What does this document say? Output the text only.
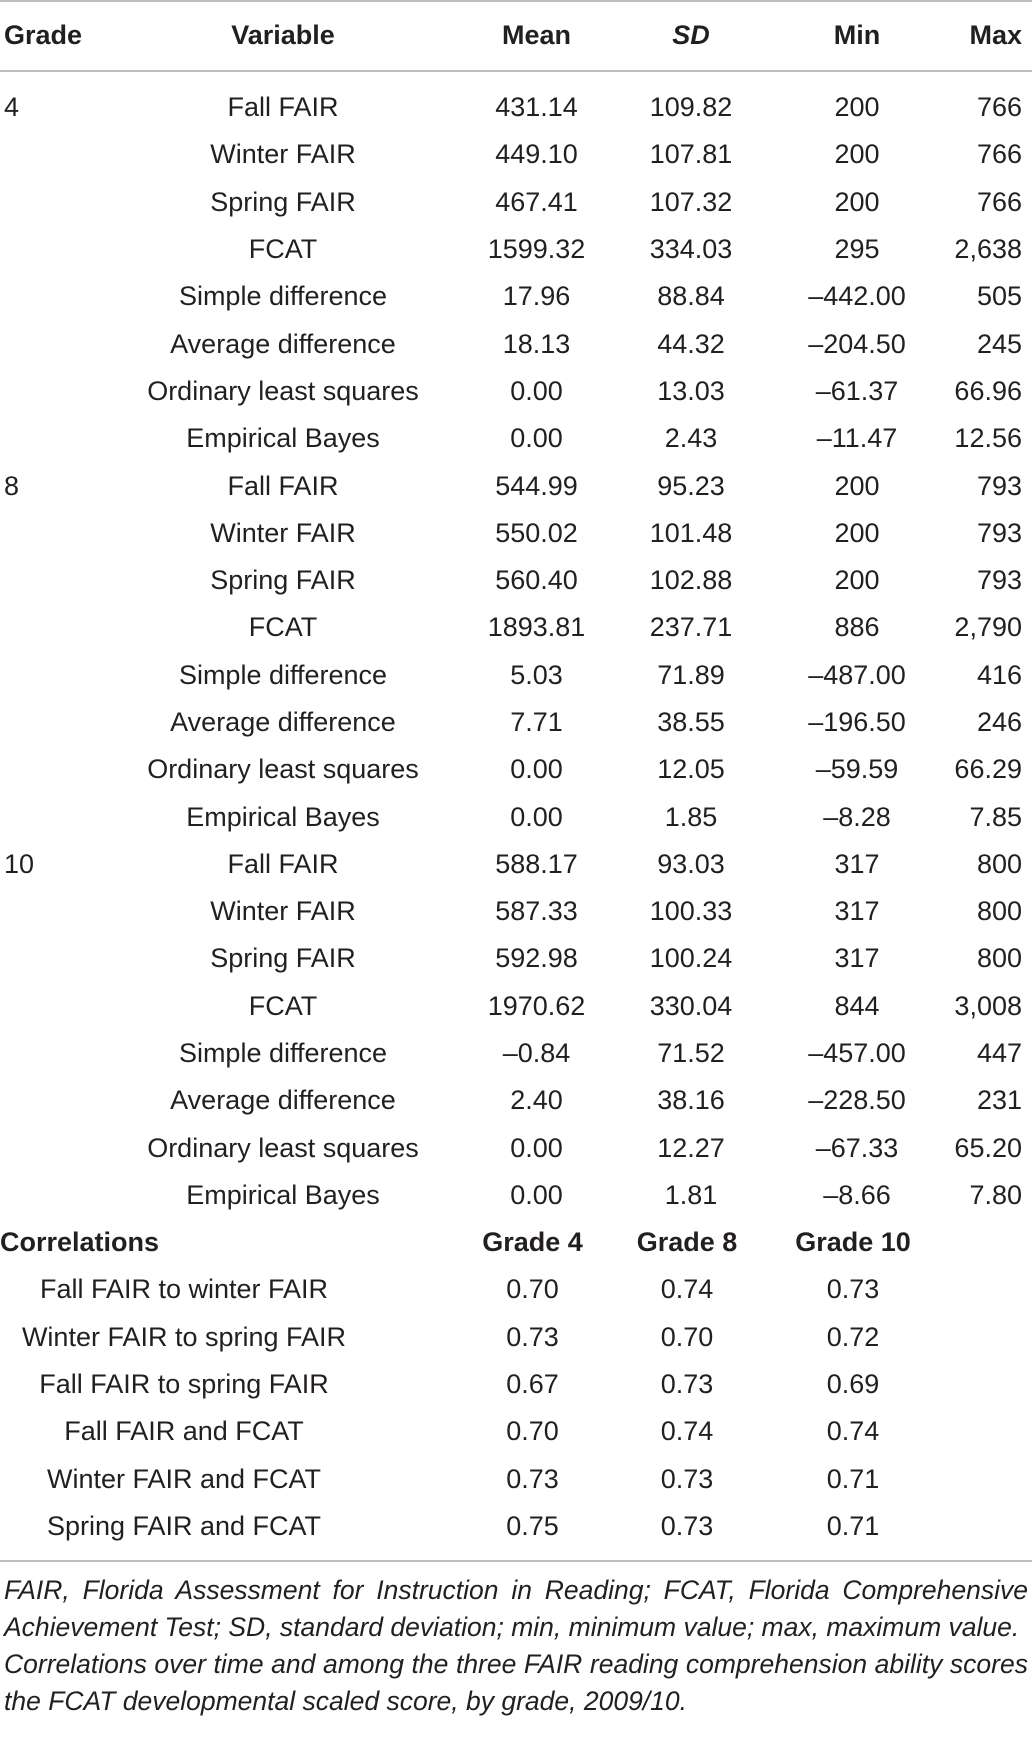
Grade	Variable	Mean	SD	Min	Max
4	Fall FAIR	431.14	109.82	200	766
	Winter FAIR	449.10	107.81	200	766
	Spring FAIR	467.41	107.32	200	766
	FCAT	1599.32	334.03	295	2,638
	Simple difference	17.96	88.84	–442.00	505
	Average difference	18.13	44.32	–204.50	245
	Ordinary least squares	0.00	13.03	–61.37	66.96
	Empirical Bayes	0.00	2.43	–11.47	12.56
8	Fall FAIR	544.99	95.23	200	793
	Winter FAIR	550.02	101.48	200	793
	Spring FAIR	560.40	102.88	200	793
	FCAT	1893.81	237.71	886	2,790
	Simple difference	5.03	71.89	–487.00	416
	Average difference	7.71	38.55	–196.50	246
	Ordinary least squares	0.00	12.05	–59.59	66.29
	Empirical Bayes	0.00	1.85	–8.28	7.85
10	Fall FAIR	588.17	93.03	317	800
	Winter FAIR	587.33	100.33	317	800
	Spring FAIR	592.98	100.24	317	800
	FCAT	1970.62	330.04	844	3,008
	Simple difference	–0.84	71.52	–457.00	447
	Average difference	2.40	38.16	–228.50	231
	Ordinary least squares	0.00	12.27	–67.33	65.20
	Empirical Bayes	0.00	1.81	–8.66	7.80
Correlations	Grade 4	Grade 8	Grade 10	
Fall FAIR to winter FAIR	0.70	0.74	0.73	
Winter FAIR to spring FAIR	0.73	0.70	0.72	
Fall FAIR to spring FAIR	0.67	0.73	0.69	
Fall FAIR and FCAT	0.70	0.74	0.74	
Winter FAIR and FCAT	0.73	0.73	0.71	
Spring FAIR and FCAT	0.75	0.73	0.71	

FAIR, Florida Assessment for Instruction in Reading; FCAT, Florida Comprehensive Achievement Test; SD, standard deviation; min, minimum value; max, maximum value.

Correlations over time and among the three FAIR reading comprehension ability scores the FCAT developmental scaled score, by grade, 2009/10.
